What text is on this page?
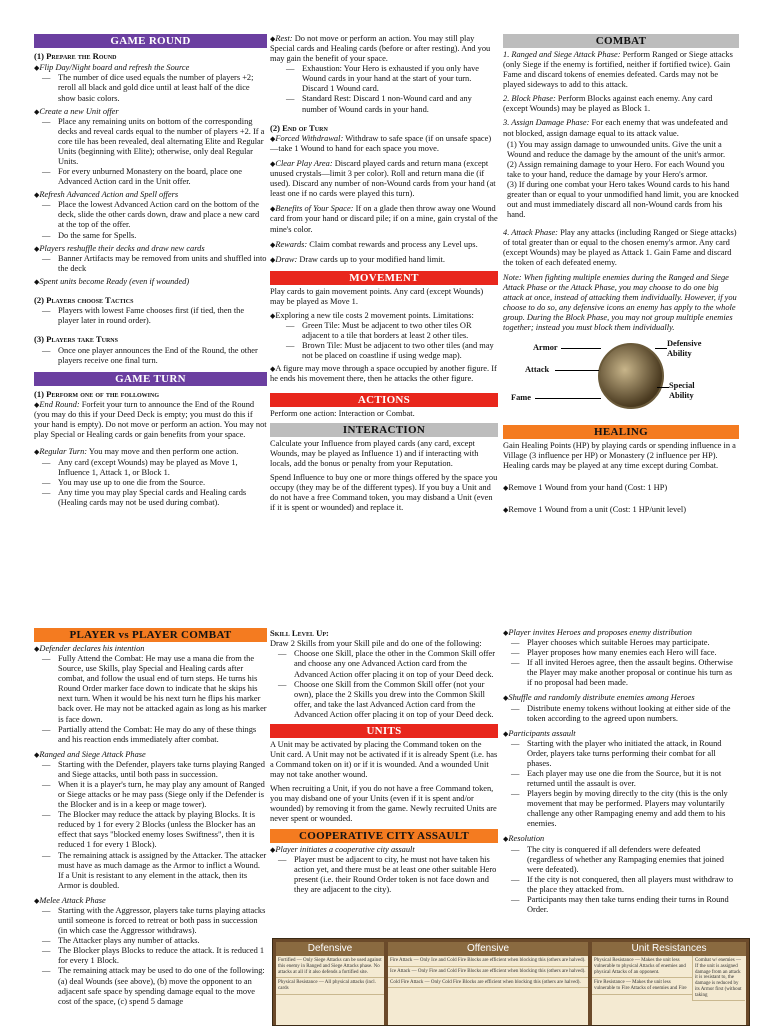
GAME ROUND
(1) Prepare the Round
◆ Flip Day/Night board and refresh the Source
— The number of dice used equals the number of players +2; reroll all black and gold dice until at least half of the dice show basic colors.
◆ Create a new Unit offer
— Place any remaining units on bottom of the corresponding decks and reveal cards equal to the number of players +2. If a core tile has been revealed, deal alternating Elite and Regular Units (beginning with Elite); otherwise, only deal Regular Units.
— For every unburned Monastery on the board, place one Advanced Action card in the Unit offer.
◆ Refresh Advanced Action and Spell offers
— Place the lowest Advanced Action card on the bottom of the deck, slide the other cards down, draw and place a new card at the top of the offer.
— Do the same for Spells.
◆ Players reshuffle their decks and draw new cards
— Banner Artifacts may be removed from units and shuffled into the deck
◆ Spent units become Ready (even if wounded)
(2) Players choose Tactics
— Players with lowest Fame chooses first (if tied, then the player later in round order).
(3) Players take Turns
— Once one player announces the End of the Round, the other players receive one final turn.
GAME TURN
(1) Perform one of the following
◆ End Round: Forfeit your turn to announce the End of the Round (you may do this if your Deed Deck is empty; you must do this if your hand is empty). Do not move or perform an action. You may not play Special or Healing cards or gain benefits from your space.
◆ Regular Turn: You may move and then perform one action.
— Any card (except Wounds) may be played as Move 1, Influence 1, Attack 1, or Block 1.
— You may use up to one die from the Source.
— Any time you may play Special cards and Healing cards (Healing cards may not be used during combat).
◆ Rest: Do not move or perform an action. You may still play Special cards and Healing cards (before or after resting). And you may gain the benefit of your space.
— Exhaustion: Your Hero is exhausted if you only have Wound cards in your hand at the start of your turn. Discard 1 Wound card.
— Standard Rest: Discard 1 non-Wound card and any number of Wound cards in your hand.
(2) End of Turn
◆ Forced Withdrawal: Withdraw to safe space (if on unsafe space)—take 1 Wound to hand for each space you move.
◆ Clear Play Area: Discard played cards and return mana (except unused crystals—limit 3 per color). Roll and return mana die (if used). Discard any number of non-Wound cards from your hand (at least one if no cards were played this turn).
◆ Benefits of Your Space: If on a glade then throw away one Wound card from your hand or discard pile; if on a mine, gain crystal of the mine's color.
◆ Rewards: Claim combat rewards and process any Level ups.
◆ Draw: Draw cards up to your modified hand limit.
MOVEMENT

Play cards to gain movement points. Any card (except Wounds) may be played as Move 1.

◆ Exploring a new tile costs 2 movement points. Limitations:
— Green Tile: Must be adjacent to two other tiles OR adjacent to a tile that borders at least 2 other tiles.
— Brown Tile: Must be adjacent to two other tiles (and may not be placed on coastline if using wedge map).
◆ A figure may move through a space occupied by another figure. If he ends his movement there, then he attacks the other figure.
ACTIONS

Perform one action: Interaction or Combat.

INTERACTION

Calculate your Influence from played cards (any card, except Wounds, may be played as Influence 1) and if interacting with locals, add the bonus or penalty from your Reputation.

Spend Influence to buy one or more things offered by the space you occupy (they may be of the different types). If you buy a Unit and do not have a free Command token, you may disband a Unit (even if it is spent or wounded) and replace it.

COMBAT

1. Ranged and Siege Attack Phase: Perform Ranged or Siege attacks (only Siege if the enemy is fortified, neither if fortified twice). Gain Fame and discard tokens of enemies defeated. Cards may not be played sideways to add to this attack.

2. Block Phase: Perform Blocks against each enemy. Any card (except Wounds) may be played as Block 1.

3. Assign Damage Phase: For each enemy that was undefeated and not blocked, assign damage equal to its attack value.

(1) You may assign damage to unwounded units. Give the unit a Wound and reduce the damage by the amount of the unit's armor.
(2) Assign remaining damage to your Hero. For each Wound you take to your hand, reduce the damage by your Hero's armor.
(3) If during one combat your Hero takes Wound cards to his hand greater than or equal to your unmodified hand limit, you are knocked out and must immediately discard all non-Wound cards from his hand.

4. Attack Phase: Play any attacks (including Ranged or Siege attacks) of total greater than or equal to the chosen enemy's armor. Any card (except Wounds) may be played as Attack 1. Gain Fame and discard the token of each defeated enemy.

Note: When fighting multiple enemies during the Ranged and Siege Attack Phase or the Attack Phase, you may choose to do one big attack at once, instead of attacking them individually. However, if you choose to do so, any defensive icons an enemy has apply to the whole group. During the Block Phase, you may not group multiple enemies together; instead you must block them individually.

Armor
Attack
Fame
Defensive Ability
Special Ability
HEALING

Gain Healing Points (HP) by playing cards or spending influence in a Village (3 influence per HP) or Monastery (2 influence per HP). Healing cards may be played at any time except during Combat.

◆ Remove 1 Wound from your hand (Cost: 1 HP)
◆ Remove 1 Wound from a unit (Cost: 1 HP/unit level)
PLAYER vs PLAYER COMBAT
◆ Defender declares his intention
— Fully Attend the Combat: He may use a mana die from the Source, use Skills, play Special and Healing cards after combat, and follow the usual end of turn steps. He turns his Round Order marker face down to indicate that he skips his next turn. When it would be his next turn he flips his marker back over. He may not be attacked again as long as his marker is face down.
— Partially attend the Combat: He may do any of these things and his reaction ends immediately after combat.
◆ Ranged and Siege Attack Phase
— Starting with the Defender, players take turns playing Ranged and Siege attacks, until both pass in succession.
— When it is a player's turn, he may play any amount of Ranged or Siege attacks or he may pass (Siege only if the Defender is the Blocker and is in a keep or mage tower).
— The Blocker may reduce the attack by playing Blocks. It is reduced by 1 for every 2 Blocks (unless the Blocker has an effect that says "blocked enemy loses Swiftness", then it is reduced 1 for every 1 Block).
— The remaining attack is assigned by the Attacker. The attacker must have as much damage as the Armor to inflict a Wound. If a Unit is resistant to any element in the attack, then its Armor is doubled.
◆ Melee Attack Phase
— Starting with the Aggressor, players take turns playing attacks until someone is forced to retreat or both pass in succession (in which case the Aggressor withdraws).
— The Attacker plays any number of attacks.
— The Blocker plays Blocks to reduce the attack. It is reduced 1 for every 1 Block.
— The remaining attack may be used to do one of the following: (a) deal Wounds (see above), (b) move the opponent to an adjacent safe space by spending damage equal to the move cost of the space, (c) spend 5 damage
Skill Level Up:

Draw 2 Skills from your Skill pile and do one of the following:

— Choose one Skill, place the other in the Common Skill offer and choose any one Advanced Action card from the Advanced Action offer placing it on top of your Deed deck.
— Choose one Skill from the Common Skill offer (not your own), place the 2 Skills you drew into the Common Skill offer, and take the last Advanced Action card from the Advanced Action offer placing it on top of your Deed deck.
UNITS

A Unit may be activated by placing the Command token on the Unit card. A Unit may not be activated if it is already Spent (i.e. has a Command token on it) or if it is wounded. And a wounded Unit may not take another wound.

When recruiting a Unit, if you do not have a free Command token, you may disband one of your Units (even if it is spent and/or wounded) by removing it from the game. Newly recruited Units are never spent or wounded.

COOPERATIVE CITY ASSAULT
◆ Player initiates a cooperative city assault
— Player must be adjacent to city, he must not have taken his action yet, and there must be at least one other suitable Hero present (i.e. their Round Order token is not face down and they are adjacent to the city).
◆ Player invites Heroes and proposes enemy distribution
— Player chooses which suitable Heroes may participate.
— Player proposes how many enemies each Hero will face.
— If all invited Heroes agree, then the assault begins. Otherwise the Player may make another proposal or continue his turn as if no proposal had been made.
◆ Shuffle and randomly distribute enemies among Heroes
— Distribute enemy tokens without looking at either side of the token according to the agreed upon numbers.
◆ Participants assault
— Starting with the player who initiated the attack, in Round Order, players take turns performing their combat for all phases.
— Each player may use one die from the Source, but it is not returned until the assault is over.
— Players begin by moving directly to the city (this is the only movement that may be performed. Players may voluntarily challenge any other Rampaging enemy and add them to his enemies.
◆ Resolution
— The city is conquered if all defenders were defeated (regardless of whether any Rampaging enemies that joined were defeated).
— If the city is not conquered, then all players must withdraw to the place they attacked from.
— Participants may then take turns ending their turns in Round Order.
Defensive
Fortified — Only Siege Attacks can be used against this enemy in Ranged and Siege Attacks phase. No attacks at all if it also defends a fortified site.
Physical Resistance — All physical attacks (incl. cards
Offensive
Fire Attack — Only Ice and Cold Fire Blocks are efficient when blocking this (others are halved).
Ice Attack — Only Fire and Cold Fire Blocks are efficient when blocking this (others are halved).
Cold Fire Attack — Only Cold Fire Blocks are efficient when blocking this (others are halved).
Unit Resistances
Physical Resistance — Makes the unit less vulnerable to physical Attacks of enemies and physical Attacks of an opponent.
Fire Resistance — Makes the unit less vulnerable to Fire Attacks of enemies and Fire
Combat w/ enemies — If the unit is assigned damage from an attack it is resistant to, the damage is reduced by its Armor first (without taking
